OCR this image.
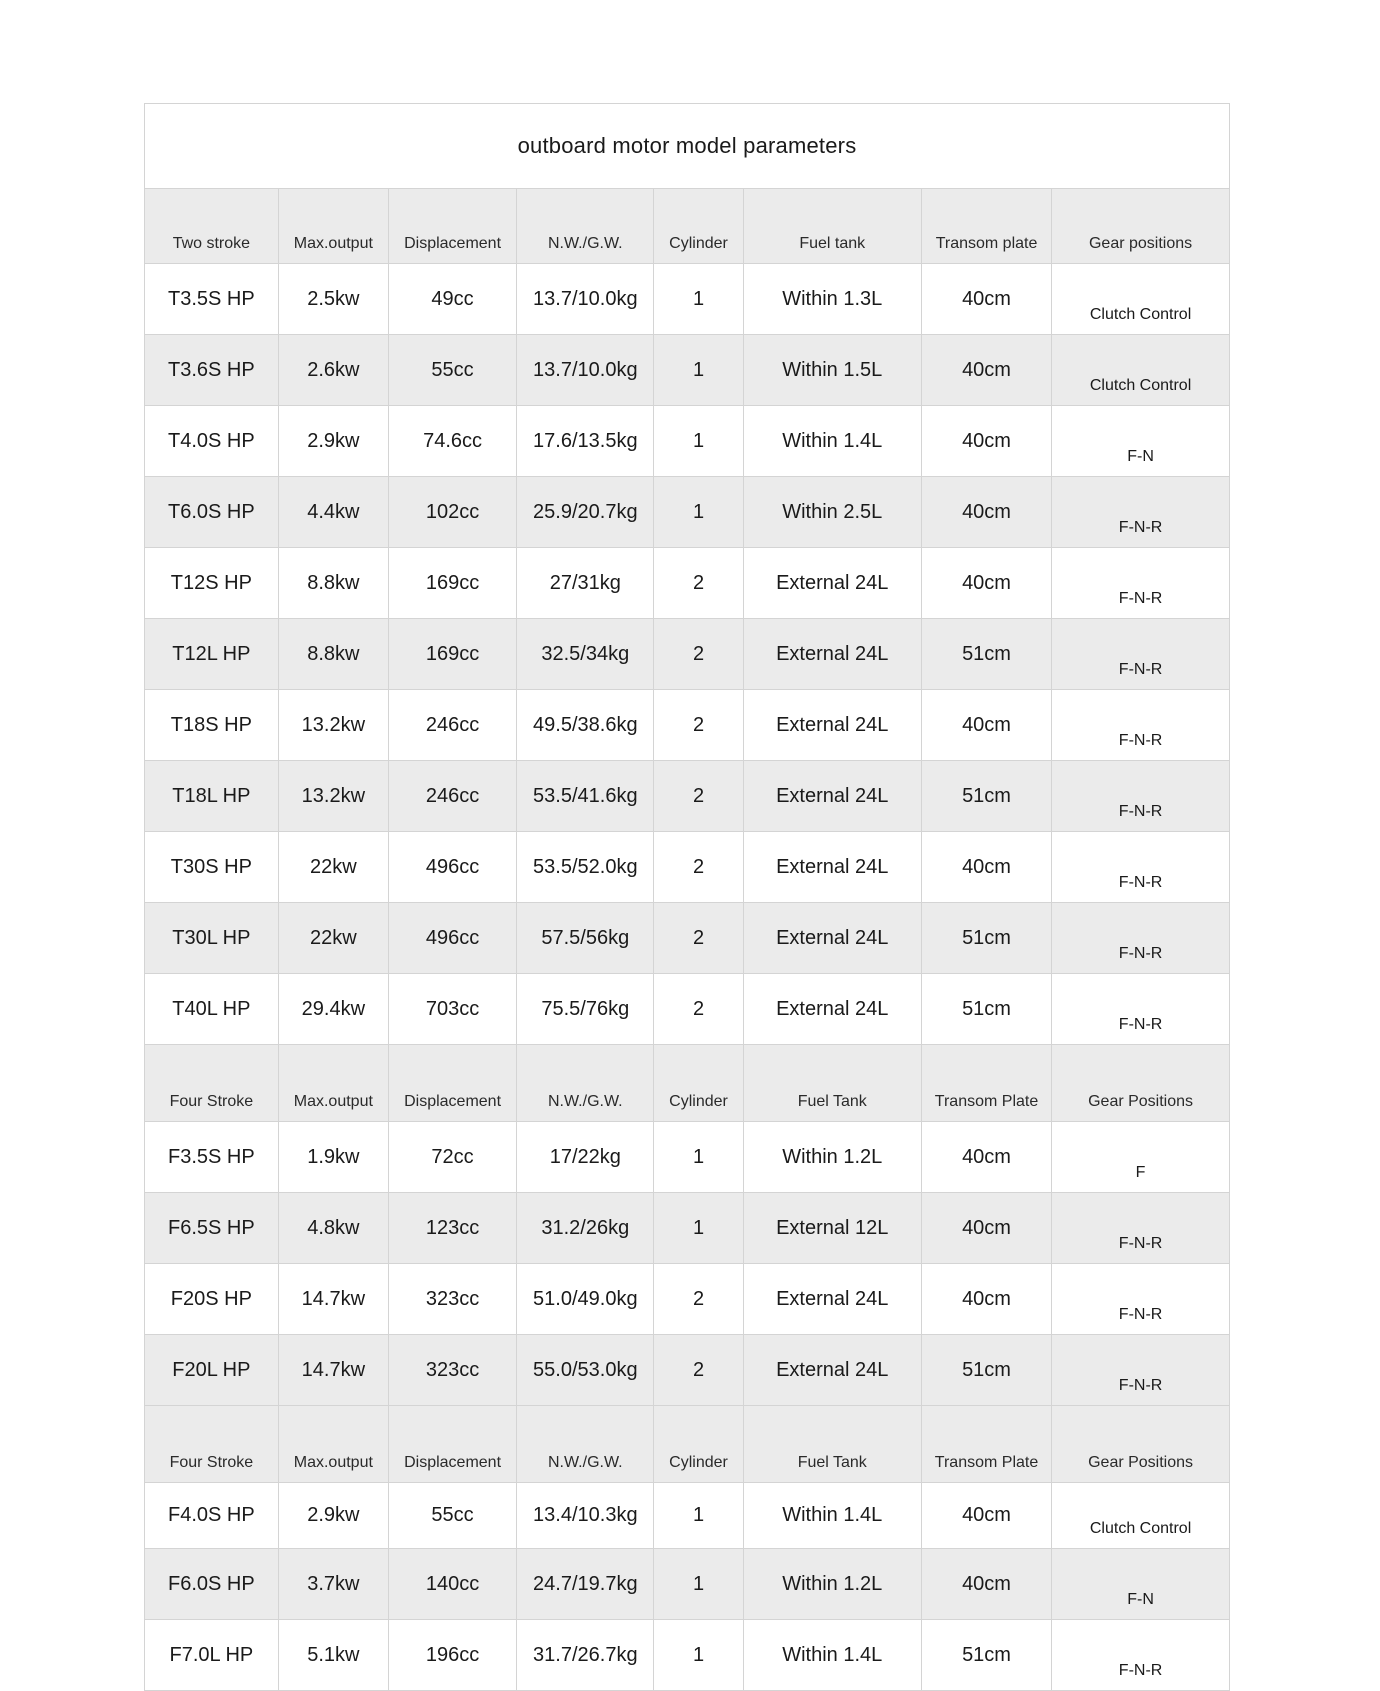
outboard motor model parameters
Two stroke	Max.output	Displacement	N.W./G.W.	Cylinder	Fuel tank	Transom plate	Gear positions
T3.5S HP	2.5kw	49cc	13.7/10.0kg	1	Within 1.3L	40cm	Clutch Control
T3.6S HP	2.6kw	55cc	13.7/10.0kg	1	Within 1.5L	40cm	Clutch Control
T4.0S HP	2.9kw	74.6cc	17.6/13.5kg	1	Within 1.4L	40cm	F-N
T6.0S HP	4.4kw	102cc	25.9/20.7kg	1	Within 2.5L	40cm	F-N-R
T12S HP	8.8kw	169cc	27/31kg	2	External 24L	40cm	F-N-R
T12L HP	8.8kw	169cc	32.5/34kg	2	External 24L	51cm	F-N-R
T18S HP	13.2kw	246cc	49.5/38.6kg	2	External 24L	40cm	F-N-R
T18L HP	13.2kw	246cc	53.5/41.6kg	2	External 24L	51cm	F-N-R
T30S HP	22kw	496cc	53.5/52.0kg	2	External 24L	40cm	F-N-R
T30L HP	22kw	496cc	57.5/56kg	2	External 24L	51cm	F-N-R
T40L HP	29.4kw	703cc	75.5/76kg	2	External 24L	51cm	F-N-R
Four Stroke	Max.output	Displacement	N.W./G.W.	Cylinder	Fuel Tank	Transom Plate	Gear Positions
F3.5S HP	1.9kw	72cc	17/22kg	1	Within 1.2L	40cm	F
F6.5S HP	4.8kw	123cc	31.2/26kg	1	External 12L	40cm	F-N-R
F20S HP	14.7kw	323cc	51.0/49.0kg	2	External 24L	40cm	F-N-R
F20L HP	14.7kw	323cc	55.0/53.0kg	2	External 24L	51cm	F-N-R
Four Stroke	Max.output	Displacement	N.W./G.W.	Cylinder	Fuel Tank	Transom Plate	Gear Positions
F4.0S HP	2.9kw	55cc	13.4/10.3kg	1	Within 1.4L	40cm	Clutch Control
F6.0S HP	3.7kw	140cc	24.7/19.7kg	1	Within 1.2L	40cm	F-N
F7.0L HP	5.1kw	196cc	31.7/26.7kg	1	Within 1.4L	51cm	F-N-R
